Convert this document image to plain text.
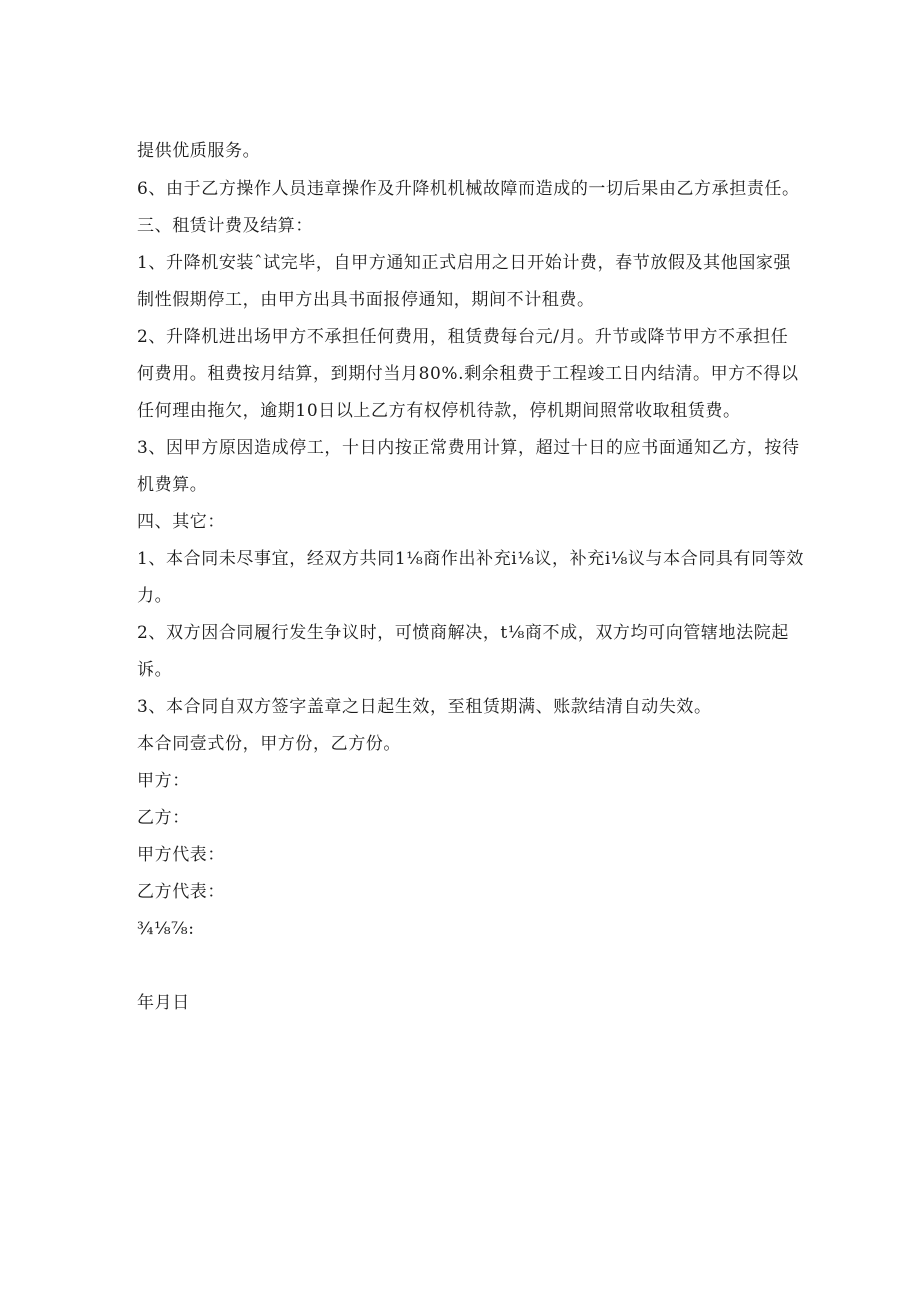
提供优质服务。
6、由于乙方操作人员违章操作及升降机机械故障而造成的一切后果由乙方承担责任。
三、租赁计费及结算：
1、升降机安装ˆ试完毕，自甲方通知正式启用之日开始计费，春节放假及其他国家强
制性假期停工，由甲方出具书面报停通知，期间不计租费。
2、升降机进出场甲方不承担任何费用，租赁费每台元/月。升节或降节甲方不承担任
何费用。租费按月结算，到期付当月80%.剩余租费于工程竣工日内结清。甲方不得以
任何理由拖欠，逾期10日以上乙方有权停机待款，停机期间照常收取租赁费。
3、因甲方原因造成停工，十日内按正常费用计算，超过十日的应书面通知乙方，按待
机费算。
四、其它：
1、本合同未尽事宜，经双方共同1⅛商作出补充i⅛议，补充i⅛议与本合同具有同等效
力。
2、双方因合同履行发生争议时，可愤商解决，t⅛商不成，双方均可向管辖地法院起
诉。
3、本合同自双方签字盖章之日起生效，至租赁期满、账款结清自动失效。
本合同壹式份，甲方份，乙方份。
甲方：
乙方：
甲方代表：
乙方代表：
¾⅛⅞:
年月日
